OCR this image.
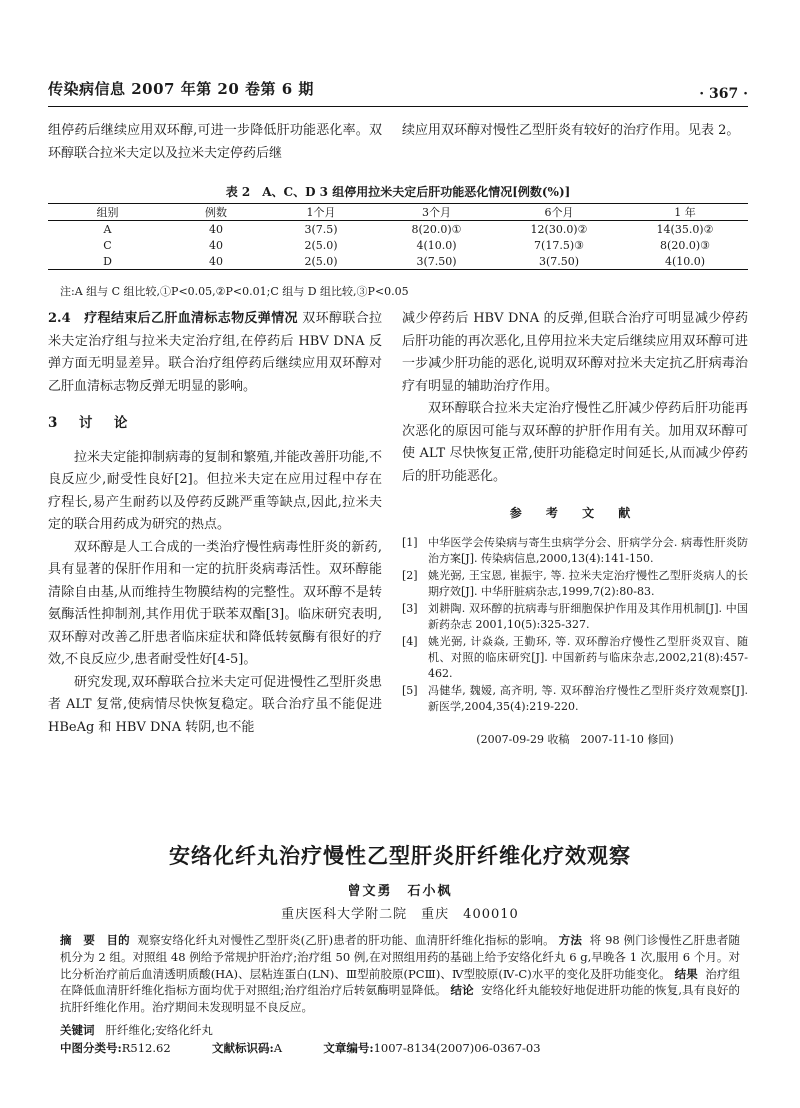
传染病信息 2007 年第 20 卷第 6 期	· 367 ·

组停药后继续应用双环醇,可进一步降低肝功能恶化率。双环醇联合拉米夫定以及拉米夫定停药后继

续应用双环醇对慢性乙型肝炎有较好的治疗作用。见表 2。

表 2　A、C、D 3 组停用拉米夫定后肝功能恶化情况[例数(%)]
组别	例数	1个月	3个月	6个月	1 年
A	40	3(7.5)	8(20.0)①	12(30.0)②	14(35.0)②
C	40	2(5.0)	4(10.0)	7(17.5)③	8(20.0)③
D	40	2(5.0)	3(7.50)	3(7.50)	4(10.0)
注:A 组与 C 组比较,①P<0.05,②P<0.01;C 组与 D 组比较,③P<0.05

2.4　疗程结束后乙肝血清标志物反弹情况 双环醇联合拉米夫定治疗组与拉米夫定治疗组,在停药后 HBV DNA 反弹方面无明显差异。联合治疗组停药后继续应用双环醇对乙肝血清标志物反弹无明显的影响。

3　讨　论

拉米夫定能抑制病毒的复制和繁殖,并能改善肝功能,不良反应少,耐受性良好[2]。但拉米夫定在应用过程中存在疗程长,易产生耐药以及停药反跳严重等缺点,因此,拉米夫定的联合用药成为研究的热点。

双环醇是人工合成的一类治疗慢性病毒性肝炎的新药,具有显著的保肝作用和一定的抗肝炎病毒活性。双环醇能清除自由基,从而维持生物膜结构的完整性。双环醇不是转氨酶活性抑制剂,其作用优于联苯双酯[3]。临床研究表明,双环醇对改善乙肝患者临床症状和降低转氨酶有很好的疗效,不良反应少,患者耐受性好[4-5]。

研究发现,双环醇联合拉米夫定可促进慢性乙型肝炎患者 ALT 复常,使病情尽快恢复稳定。联合治疗虽不能促进 HBeAg 和 HBV DNA 转阴,也不能

减少停药后 HBV DNA 的反弹,但联合治疗可明显减少停药后肝功能的再次恶化,且停用拉米夫定后继续应用双环醇可进一步减少肝功能的恶化,说明双环醇对拉米夫定抗乙肝病毒治疗有明显的辅助治疗作用。

双环醇联合拉米夫定治疗慢性乙肝减少停药后肝功能再次恶化的原因可能与双环醇的护肝作用有关。加用双环醇可使 ALT 尽快恢复正常,使肝功能稳定时间延长,从而减少停药后的肝功能恶化。

参 考 文 献
[1] 中华医学会传染病与寄生虫病学分会、肝病学分会. 病毒性肝炎防治方案[J]. 传染病信息,2000,13(4):141-150.
[2] 姚光弼, 王宝恩, 崔振宇, 等. 拉米夫定治疗慢性乙型肝炎病人的长期疗效[J]. 中华肝脏病杂志,1999,7(2):80-83.
[3] 刘耕陶. 双环醇的抗病毒与肝细胞保护作用及其作用机制[J]. 中国新药杂志 2001,10(5):325-327.
[4] 姚光弼, 计焱焱, 王勤环, 等. 双环醇治疗慢性乙型肝炎双盲、随机、对照的临床研究[J]. 中国新药与临床杂志,2002,21(8):457-462.
[5] 冯健华, 魏嫒, 高齐明, 等. 双环醇治疗慢性乙型肝炎疗效观察[J]. 新医学,2004,35(4):219-220.
(2007-09-29 收稿　2007-11-10 修回)
安络化纤丸治疗慢性乙型肝炎肝纤维化疗效观察
曾文勇　石小枫
重庆医科大学附二院　重庆　400010
摘　要 目的 观察安络化纤丸对慢性乙型肝炎(乙肝)患者的肝功能、血清肝纤维化指标的影响。 方法 将 98 例门诊慢性乙肝患者随机分为 2 组。对照组 48 例给予常规护肝治疗;治疗组 50 例,在对照组用药的基础上给予安络化纤丸 6 g,早晚各 1 次,服用 6 个月。对比分析治疗前后血清透明质酸(HA)、层粘连蛋白(LN)、Ⅲ型前胶原(PCⅢ)、Ⅳ型胶原(Ⅳ-C)水平的变化及肝功能变化。 结果 治疗组在降低血清肝纤维化指标方面均优于对照组;治疗组治疗后转氨酶明显降低。 结论 安络化纤丸能较好地促进肝功能的恢复,具有良好的抗肝纤维化作用。治疗期间未发现明显不良反应。
关键词 肝纤维化;安络化纤丸
中图分类号:R512.62	文献标识码:A	文章编号:1007-8134(2007)06-0367-03
